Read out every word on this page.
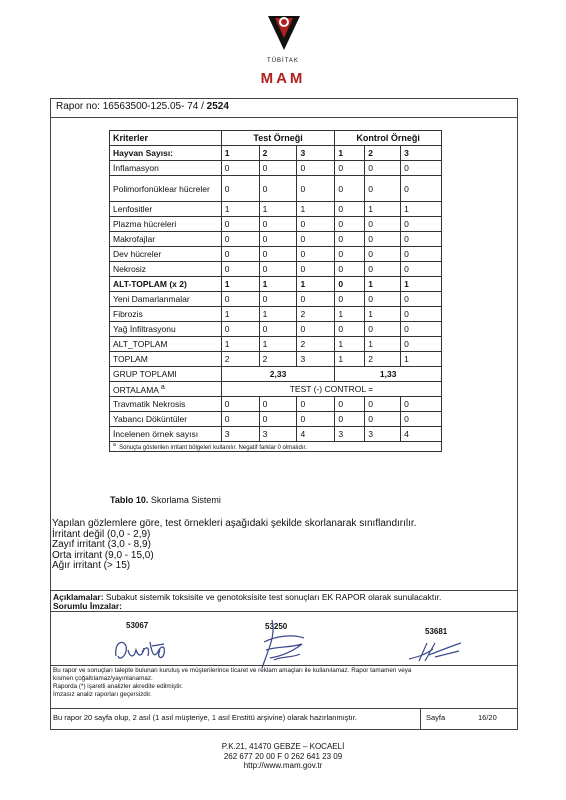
TÜBİTAK
MAM
Rapor no: 16563500-125.05- 74 / 2524
Kriterler	Test Örneği			Kontrol Örneği		
Hayvan Sayısı:	1	2	3	1	2	3
İnflamasyon	0	0	0	0	0	0
Polimorfonüklear hücreler	0	0	0	0	0	0
Lenfositler	1	1	1	0	1	1
Plazma hücreleri	0	0	0	0	0	0
Makrofajlar	0	0	0	0	0	0
Dev hücreler	0	0	0	0	0	0
Nekrosiz	0	0	0	0	0	0
ALT-TOPLAM (x 2)	1	1	1	0	1	1
Yeni Damarlanmalar	0	0	0	0	0	0
Fibrozis	1	1	2	1	1	0
Yağ İnfiltrasyonu	0	0	0	0	0	0
ALT_TOPLAM	1	1	2	1	1	0
TOPLAM	2	2	3	1	2	1
GRUP TOPLAMI	2,33			1,33		
ORTALAMA $^a$	TEST (-) CONTROL =					
Travmatik Nekrosis	0	0	0	0	0	0
Yabancı Döküntüler	0	0	0	0	0	0
İncelenen örnek sayısı	3	3	4	3	3	4
$^a$ Sonuçta gösterilen irritant bölgeleri kullanılır. Negatif farklar 0 olmalıdır.						
Tablo 10. Skorlama Sistemi
Yapılan gözlemlere göre, test örnekleri aşağıdaki şekilde skorlanarak sınıflandırılır.
İrritant değil (0,0 - 2,9)
Zayıf irritant (3,0 - 8,9)
Orta irritant (9,0 - 15,0)
Ağır irritant (> 15)
Açıklamalar: Subakut sistemik toksisite ve genotoksisite test sonuçları EK RAPOR olarak sunulacaktır.
Sorumlu İmzalar:
53067	53250
53681
Bu rapor ve sonuçları talepte bulunan kuruluş ve müşterilerince ticaret ve reklam amaçları ile kullanılamaz. Rapor tamamen veya
kısmen çoğaltılamaz/yayınlanamaz.
Raporda (*) işaretli analizler akredite edilmiştir.
İmzasız analiz raporları geçersizdir.
Bu rapor 20 sayfa olup, 2 asıl (1 asıl müşteriye, 1 asıl Enstitü arşivine) olarak hazırlanmıştır.	Sayfa	16/20
P.K.21, 41470 GEBZE – KOCAELİ
262 677 20 00 F 0 262 641 23 09
http://www.mam.gov.tr
